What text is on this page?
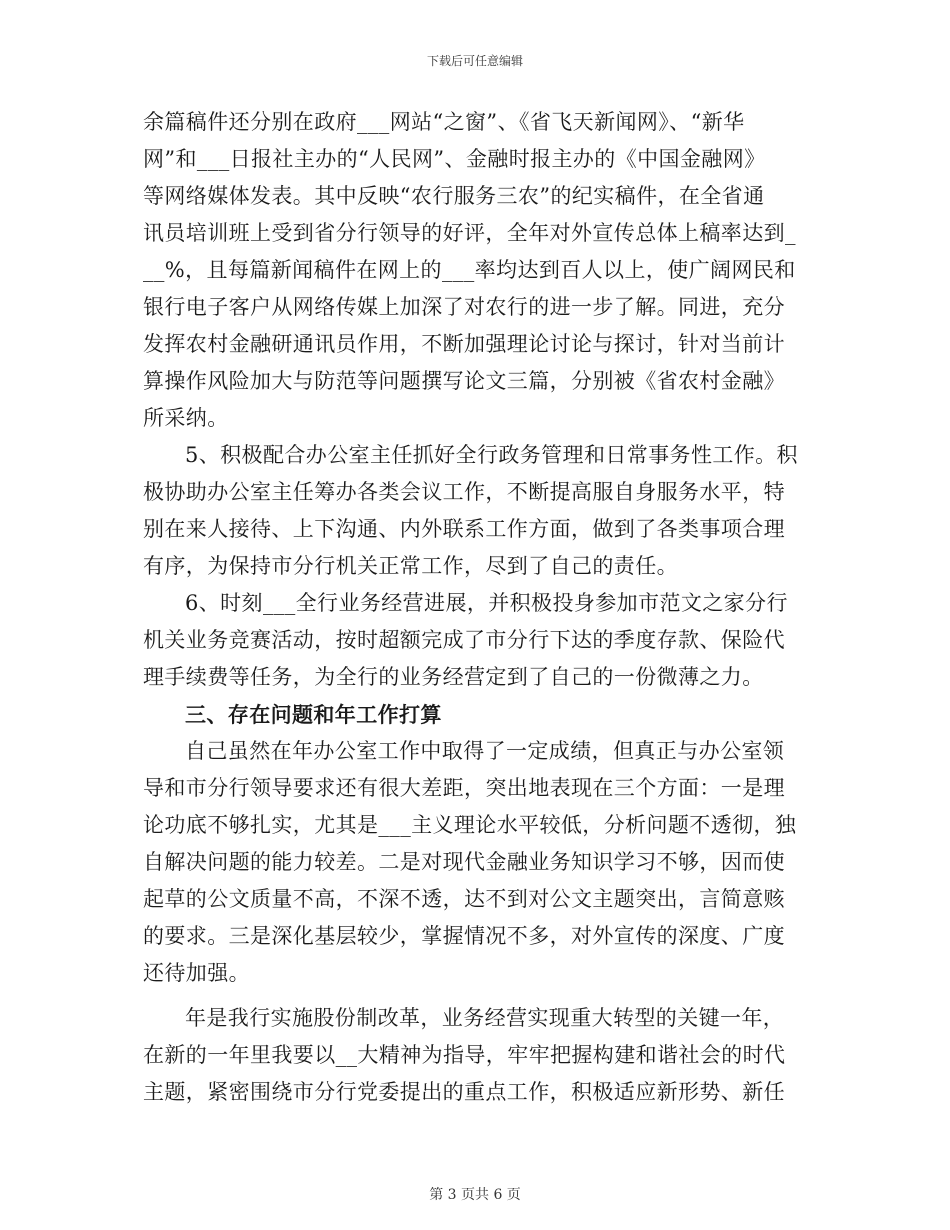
下载后可任意编辑
余篇稿件还分别在政府___网站“之窗”、《省飞天新闻网》、“新华
网”和___日报社主办的“人民网”、金融时报主办的《中国金融网》
等网络媒体发表。其中反映“农行服务三农”的纪实稿件，在全省通
讯员培训班上受到省分行领导的好评，全年对外宣传总体上稿率达到_
__%，且每篇新闻稿件在网上的___率均达到百人以上，使广阔网民和
银行电子客户从网络传媒上加深了对农行的进一步了解。同进，充分
发挥农村金融研通讯员作用，不断加强理论讨论与探讨，针对当前计
算操作风险加大与防范等问题撰写论文三篇，分别被《省农村金融》
所采纳。
5、积极配合办公室主任抓好全行政务管理和日常事务性工作。积
极协助办公室主任筹办各类会议工作，不断提高服自身服务水平，特
别在来人接待、上下沟通、内外联系工作方面，做到了各类事项合理
有序，为保持市分行机关正常工作，尽到了自己的责任。
6、时刻___全行业务经营进展，并积极投身参加市范文之家分行
机关业务竞赛活动，按时超额完成了市分行下达的季度存款、保险代
理手续费等任务，为全行的业务经营定到了自己的一份微薄之力。
三、存在问题和年工作打算
自己虽然在年办公室工作中取得了一定成绩，但真正与办公室领
导和市分行领导要求还有很大差距，突出地表现在三个方面：一是理
论功底不够扎实，尤其是___主义理论水平较低，分析问题不透彻，独
自解决问题的能力较差。二是对现代金融业务知识学习不够，因而使
起草的公文质量不高，不深不透，达不到对公文主题突出，言简意赅
的要求。三是深化基层较少，掌握情况不多，对外宣传的深度、广度
还待加强。
年是我行实施股份制改革，业务经营实现重大转型的关键一年，
在新的一年里我要以__大精神为指导，牢牢把握构建和谐社会的时代
主题，紧密围绕市分行党委提出的重点工作，积极适应新形势、新任
第 3 页共 6 页
